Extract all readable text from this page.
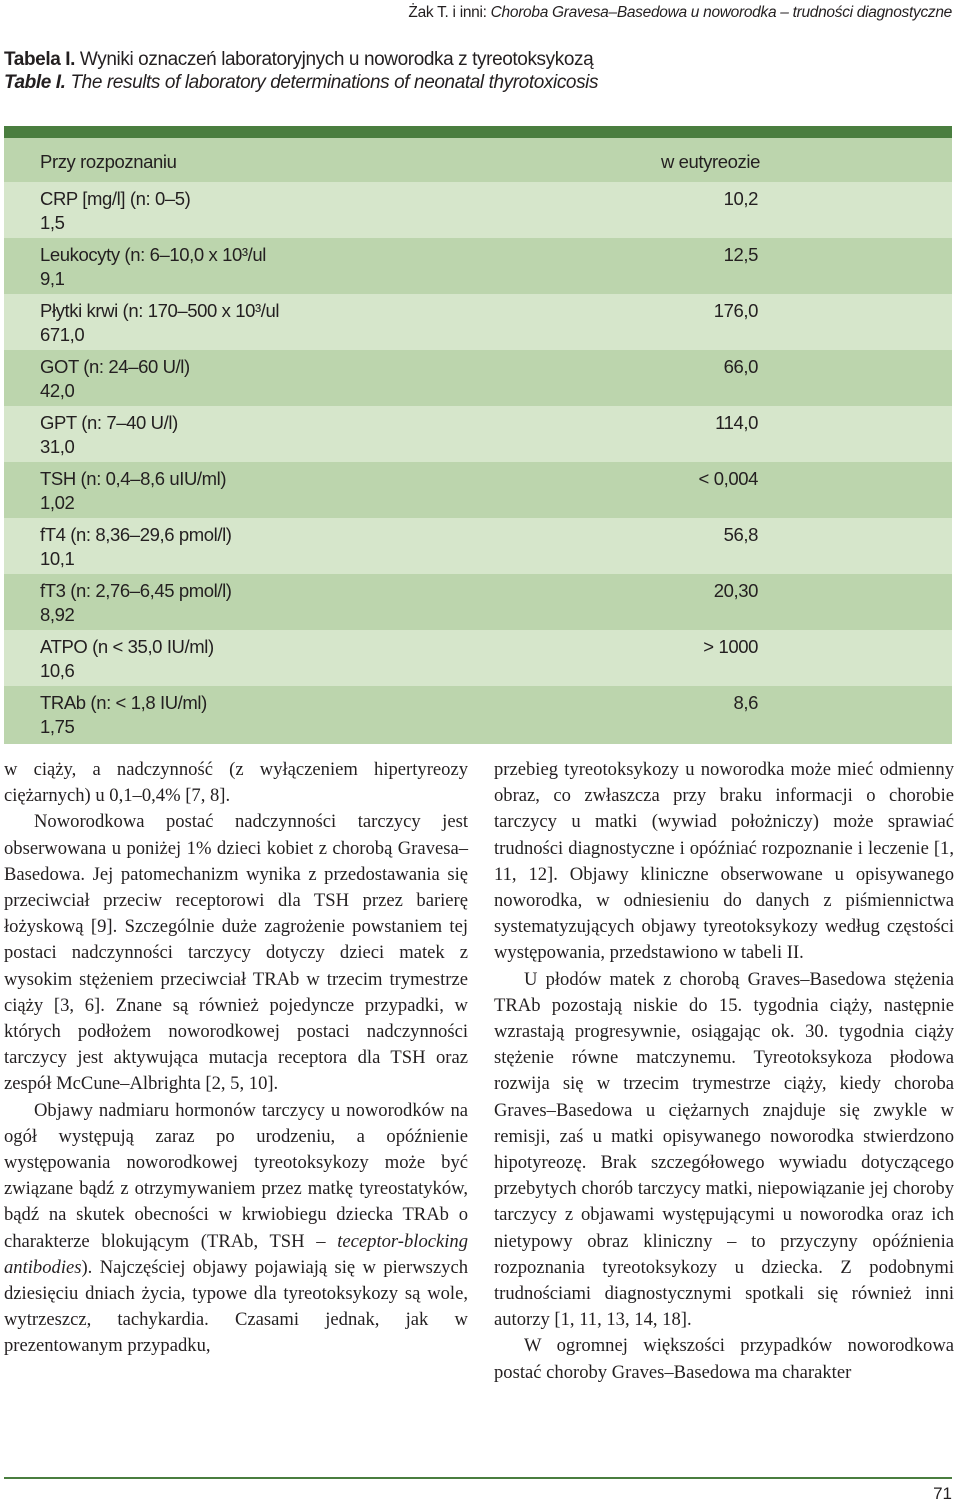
Żak T. i inni: Choroba Gravesa–Basedowa u noworodka – trudności diagnostyczne
Tabela I. Wyniki oznaczeń laboratoryjnych u noworodka z tyreotoksykozą
Table I. The results of laboratory determinations of neonatal thyrotoxicosis
Przy rozpoznaniu	w eutyreozie
CRP [mg/l] (n: 0–5)	10,2
1,5
Leukocyty (n: 6–10,0 x 10³/ul	12,5
9,1
Płytki krwi (n: 170–500 x 10³/ul	176,0
671,0
GOT (n: 24–60 U/l)	66,0
42,0
GPT (n: 7–40 U/l)	114,0
31,0
TSH (n: 0,4–8,6 uIU/ml)	< 0,004
1,02
fT4 (n: 8,36–29,6 pmol/l)	56,8
10,1
fT3 (n: 2,76–6,45 pmol/l)	20,30
8,92
ATPO (n < 35,0 IU/ml)	> 1000
10,6
TRAb (n: < 1,8 IU/ml)	8,6
1,75

w ciąży, a nadczynność (z wyłączeniem hipertyreozy ciężarnych) u 0,1–0,4% [7, 8].

Noworodkowa postać nadczynności tarczycy jest obserwowana u poniżej 1% dzieci kobiet z chorobą Gravesa–Basedowa. Jej patomechanizm wynika z przedostawania się przeciwciał przeciw receptorowi dla TSH przez barierę łożyskową [9]. Szczególnie duże zagrożenie powstaniem tej postaci nadczynności tarczycy dotyczy dzieci matek z wysokim stężeniem przeciwciał TRAb w trzecim trymestrze ciąży [3, 6]. Znane są również pojedyncze przypadki, w których podłożem noworodkowej postaci nadczynności tarczycy jest aktywująca mutacja receptora dla TSH oraz zespół McCune–Albrighta [2, 5, 10].

Objawy nadmiaru hormonów tarczycy u noworodków na ogół występują zaraz po urodzeniu, a opóźnienie występowania noworodkowej tyreotoksykozy może być związane bądź z otrzymywaniem przez matkę tyreostatyków, bądź na skutek obecności w krwiobiegu dziecka TRAb o charakterze blokującym (TRAb, TSH – teceptor-blocking antibodies). Najczęściej objawy pojawiają się w pierwszych dziesięciu dniach życia, typowe dla tyreotoksykozy są wole, wytrzeszcz, tachykardia. Czasami jednak, jak w prezentowanym przypadku,

przebieg tyreotoksykozy u noworodka może mieć odmienny obraz, co zwłaszcza przy braku informacji o chorobie tarczycy u matki (wywiad położniczy) może sprawiać trudności diagnostyczne i opóźniać rozpoznanie i leczenie [1, 11, 12]. Objawy kliniczne obserwowane u opisywanego noworodka, w odniesieniu do danych z piśmiennictwa systematyzujących objawy tyreotoksykozy według częstości występowania, przedstawiono w tabeli II.

U płodów matek z chorobą Graves–Basedowa stężenia TRAb pozostają niskie do 15. tygodnia ciąży, następnie wzrastają progresywnie, osiągając ok. 30. tygodnia ciąży stężenie równe matczynemu. Tyreotoksykoza płodowa rozwija się w trzecim trymestrze ciąży, kiedy choroba Graves–Basedowa u ciężarnych znajduje się zwykle w remisji, zaś u matki opisywanego noworodka stwierdzono hipotyreozę. Brak szczegółowego wywiadu dotyczącego przebytych chorób tarczycy matki, niepowiązanie jej choroby tarczycy z objawami występującymi u noworodka oraz ich nietypowy obraz kliniczny – to przyczyny opóźnienia rozpoznania tyreotoksykozy u dziecka. Z podobnymi trudnościami diagnostycznymi spotkali się również inni autorzy [1, 11, 13, 14, 18].

W ogromnej większości przypadków noworodkowa postać choroby Graves–Basedowa ma charakter

71
